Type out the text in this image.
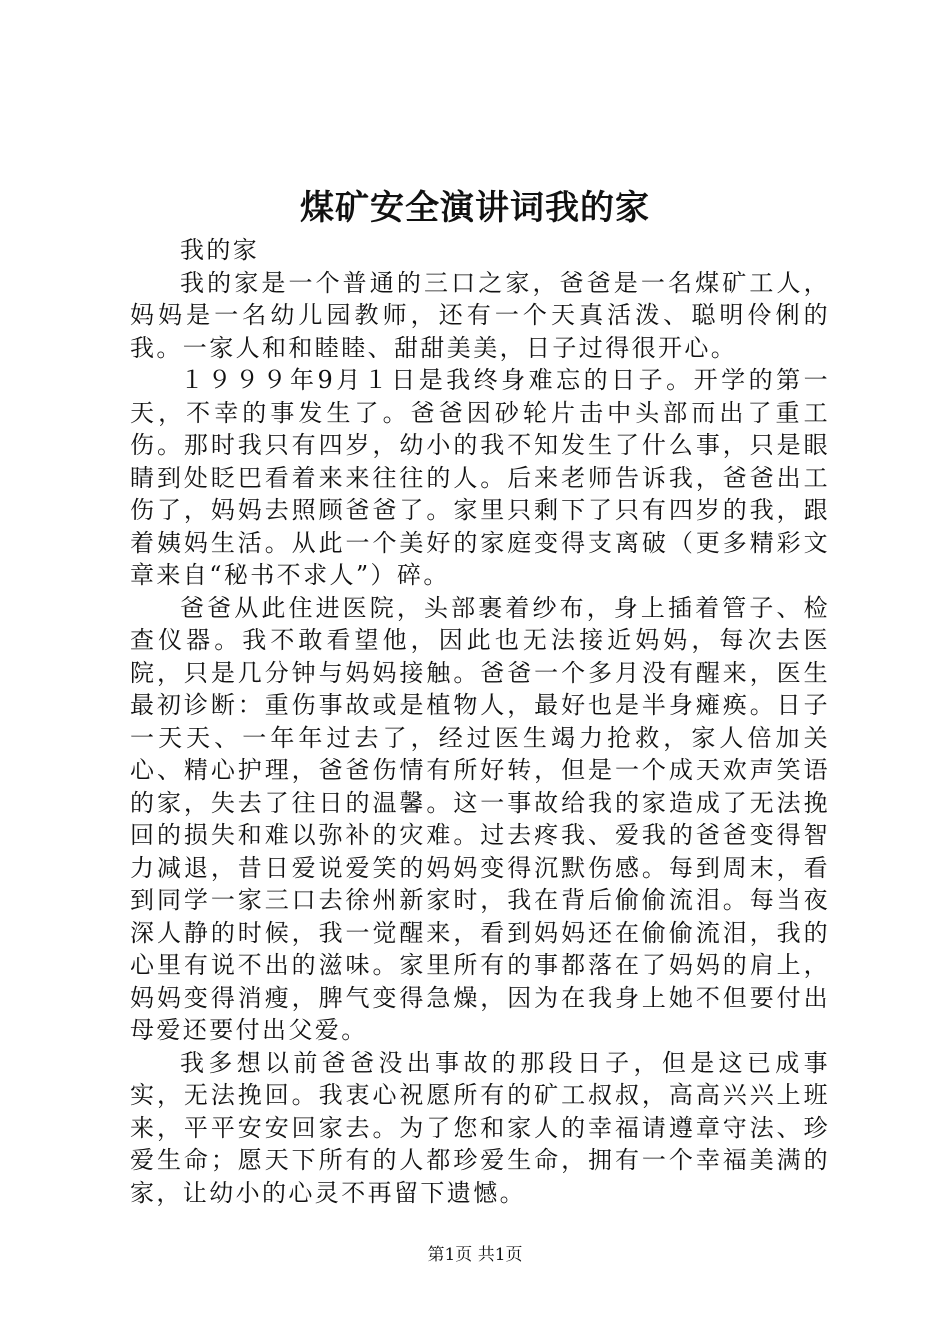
煤矿安全演讲词我的家

我的家

我的家是一个普通的三口之家，爸爸是一名煤矿工人，妈妈是一名幼儿园教师，还有一个天真活泼、聪明伶俐的我。一家人和和睦睦、甜甜美美，日子过得很开心。

１９９９年9月１日是我终身难忘的日子。开学的第一天，不幸的事发生了。爸爸因砂轮片击中头部而出了重工伤。那时我只有四岁，幼小的我不知发生了什么事，只是眼睛到处眨巴看着来来往往的人。后来老师告诉我，爸爸出工伤了，妈妈去照顾爸爸了。家里只剩下了只有四岁的我，跟着姨妈生活。从此一个美好的家庭变得支离破（更多精彩文章来自“秘书不求人”）碎。

爸爸从此住进医院，头部裹着纱布，身上插着管子、检查仪器。我不敢看望他，因此也无法接近妈妈，每次去医院，只是几分钟与妈妈接触。爸爸一个多月没有醒来，医生最初诊断：重伤事故或是植物人，最好也是半身瘫痪。日子一天天、一年年过去了，经过医生竭力抢救，家人倍加关心、精心护理，爸爸伤情有所好转，但是一个成天欢声笑语的家，失去了往日的温馨。这一事故给我的家造成了无法挽回的损失和难以弥补的灾难。过去疼我、爱我的爸爸变得智力减退，昔日爱说爱笑的妈妈变得沉默伤感。每到周末，看到同学一家三口去徐州新家时，我在背后偷偷流泪。每当夜深人静的时候，我一觉醒来，看到妈妈还在偷偷流泪，我的心里有说不出的滋味。家里所有的事都落在了妈妈的肩上，妈妈变得消瘦，脾气变得急燥，因为在我身上她不但要付出母爱还要付出父爱。

我多想以前爸爸没出事故的那段日子，但是这已成事实，无法挽回。我衷心祝愿所有的矿工叔叔，高高兴兴上班来，平平安安回家去。为了您和家人的幸福请遵章守法、珍爱生命；愿天下所有的人都珍爱生命，拥有一个幸福美满的家，让幼小的心灵不再留下遗憾。

第1页 共1页
